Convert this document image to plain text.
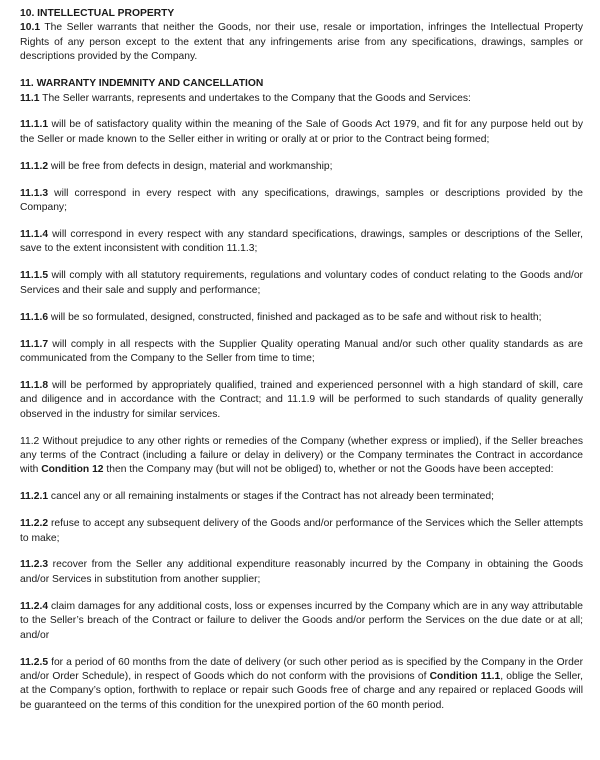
10. INTELLECTUAL PROPERTY

10.1 The Seller warrants that neither the Goods, nor their use, resale or importation, infringes the Intellectual Property Rights of any person except to the extent that any infringements arise from any specifications, drawings, samples or descriptions provided by the Company.

11. WARRANTY INDEMNITY AND CANCELLATION

11.1 The Seller warrants, represents and undertakes to the Company that the Goods and Services:

11.1.1 will be of satisfactory quality within the meaning of the Sale of Goods Act 1979, and fit for any purpose held out by the Seller or made known to the Seller either in writing or orally at or prior to the Contract being formed;

11.1.2 will be free from defects in design, material and workmanship;

11.1.3 will correspond in every respect with any specifications, drawings, samples or descriptions provided by the Company;

11.1.4 will correspond in every respect with any standard specifications, drawings, samples or descriptions of the Seller, save to the extent inconsistent with condition 11.1.3;

11.1.5 will comply with all statutory requirements, regulations and voluntary codes of conduct relating to the Goods and/or Services and their sale and supply and performance;

11.1.6 will be so formulated, designed, constructed, finished and packaged as to be safe and without risk to health;

11.1.7 will comply in all respects with the Supplier Quality operating Manual and/or such other quality standards as are communicated from the Company to the Seller from time to time;

11.1.8 will be performed by appropriately qualified, trained and experienced personnel with a high standard of skill, care and diligence and in accordance with the Contract; and 11.1.9 will be performed to such standards of quality generally observed in the industry for similar services.

11.2 Without prejudice to any other rights or remedies of the Company (whether express or implied), if the Seller breaches any terms of the Contract (including a failure or delay in delivery) or the Company terminates the Contract in accordance with Condition 12 then the Company may (but will not be obliged) to, whether or not the Goods have been accepted:

11.2.1 cancel any or all remaining instalments or stages if the Contract has not already been terminated;

11.2.2 refuse to accept any subsequent delivery of the Goods and/or performance of the Services which the Seller attempts to make;

11.2.3 recover from the Seller any additional expenditure reasonably incurred by the Company in obtaining the Goods and/or Services in substitution from another supplier;

11.2.4 claim damages for any additional costs, loss or expenses incurred by the Company which are in any way attributable to the Seller’s breach of the Contract or failure to deliver the Goods and/or perform the Services on the due date or at all; and/or

11.2.5 for a period of 60 months from the date of delivery (or such other period as is specified by the Company in the Order and/or Order Schedule), in respect of Goods which do not conform with the provisions of Condition 11.1, oblige the Seller, at the Company’s option, forthwith to replace or repair such Goods free of charge and any repaired or replaced Goods will be guaranteed on the terms of this condition for the unexpired portion of the 60 month period.
